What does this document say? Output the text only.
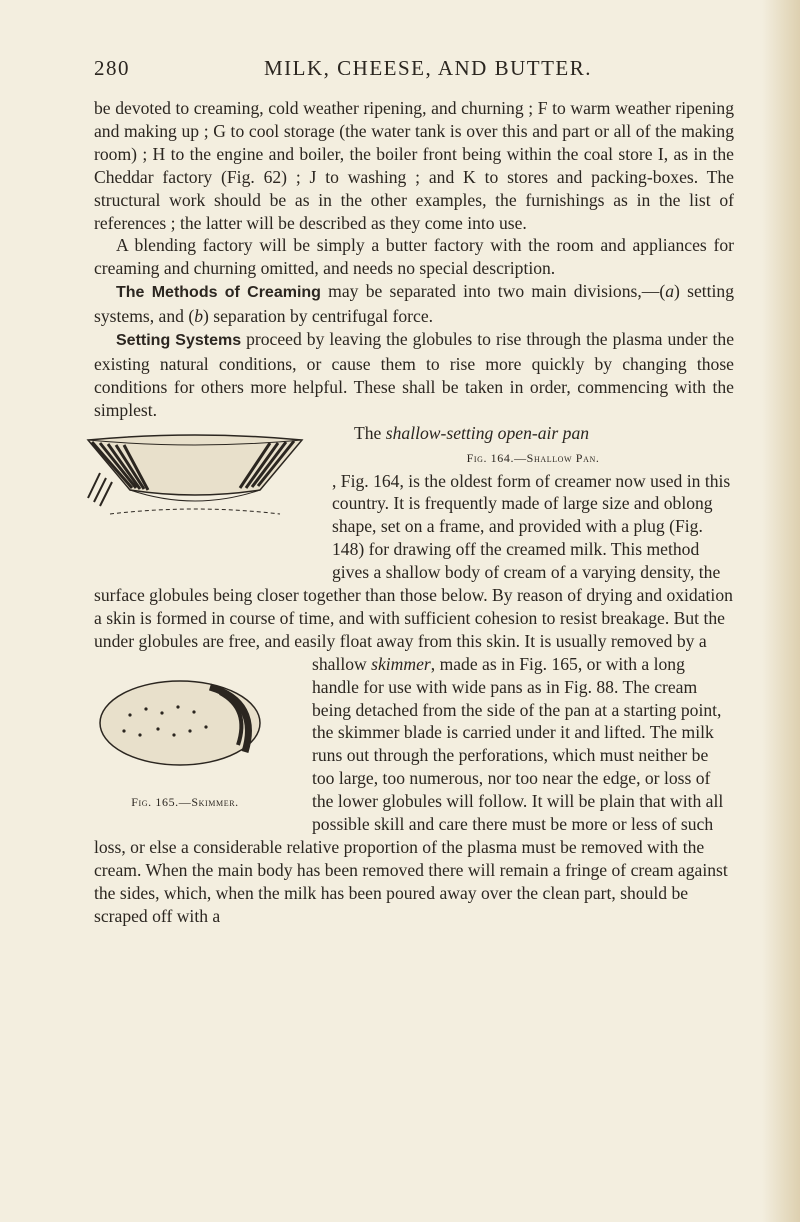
280	MILK, CHEESE, AND BUTTER.

be devoted to creaming, cold weather ripening, and churning ; F to warm weather ripening and making up ; G to cool storage (the water tank is over this and part or all of the making room) ; H to the engine and boiler, the boiler front being within the coal store I, as in the Cheddar factory (Fig. 62) ; J to washing ; and K to stores and packing-boxes. The structural work should be as in the other examples, the furnishings as in the list of references ; the latter will be described as they come into use.

A blending factory will be simply a butter factory with the room and appliances for creaming and churning omitted, and needs no special description.

The Methods of Creaming may be separated into two main divisions,—(a) setting systems, and (b) separation by centrifugal force.

Setting Systems proceed by leaving the globules to rise through the plasma under the existing natural conditions, or cause them to rise more quickly by changing those conditions for others more helpful. These shall be taken in order, commencing with the simplest.

The shallow-setting open-air pan

Fig. 164.—Shallow Pan.
, Fig. 164, is the oldest form of creamer now used in this country. It is frequently made of large size and oblong shape, set on a frame, and provided with a plug (Fig. 148) for drawing off the creamed milk. This method gives a shallow body of cream of a varying density, the surface globules being closer together than those below. By reason of drying and oxidation a skin is formed in course of time, and with sufficient cohesion to resist breakage. But the under globules are free, and easily float away from this skin. It is usually removed by a shallow
Fig. 165.—Skimmer.
skimmer, made as in Fig. 165, or with a long handle for use with wide pans as in Fig. 88. The cream being detached from the side of the pan at a starting point, the skimmer blade is carried under it and lifted. The milk runs out through the perforations, which must neither be too large, too numerous, nor too near the edge, or loss of the lower globules will follow. It will be plain that with all possible skill and care there must be more or less of such loss, or else a considerable relative proportion of the plasma must be removed with the cream. When the main body has been removed there will remain a fringe of cream against the sides, which, when the milk has been poured away over the clean part, should be scraped off with a
